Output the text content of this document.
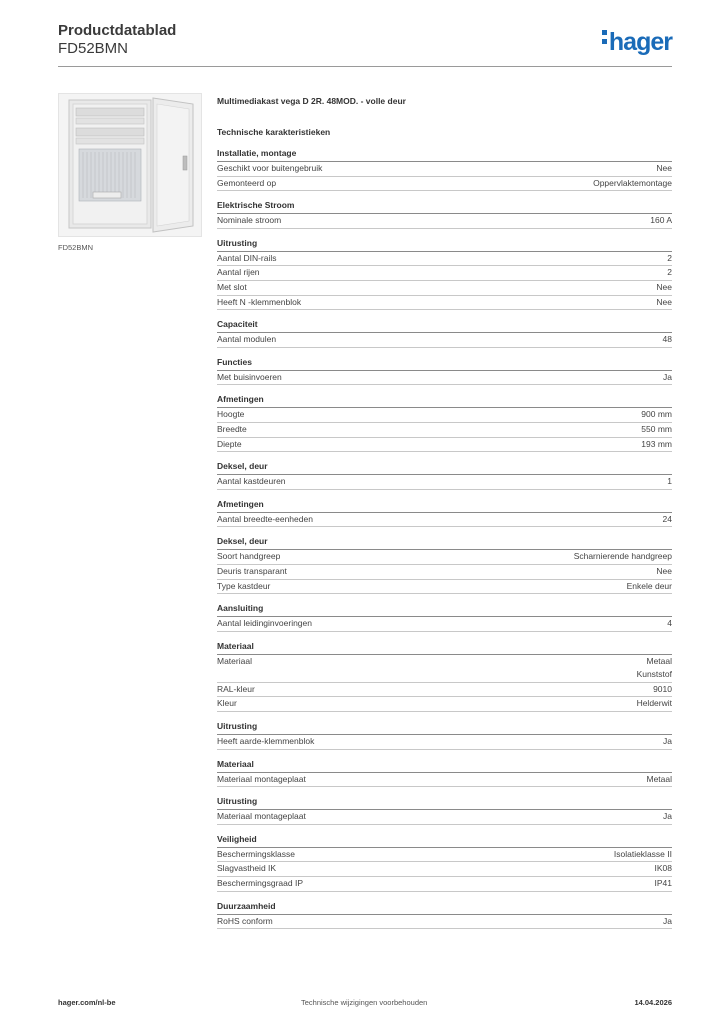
Productdatablad
FD52BMN	hager
FD52BMN
Multimediakast vega D 2R. 48MOD. - volle deur
Technische karakteristieken
Installatie, montage
Geschikt voor buitengebruik	Nee
Gemonteerd op	Oppervlaktemontage
Elektrische Stroom
Nominale stroom	160 A
Uitrusting
Aantal DIN-rails	2
Aantal rijen	2
Met slot	Nee
Heeft N -klemmenblok	Nee
Capaciteit
Aantal modulen	48
Functies
Met buisinvoeren	Ja
Afmetingen
Hoogte	900 mm
Breedte	550 mm
Diepte	193 mm
Deksel, deur
Aantal kastdeuren	1
Afmetingen
Aantal breedte-eenheden	24
Deksel, deur
Soort handgreep	Scharnierende handgreep
Deuris transparant	Nee
Type kastdeur	Enkele deur
Aansluiting
Aantal leidinginvoeringen	4
Materiaal
Materiaal	Metaal
Kunststof
RAL-kleur	9010
Kleur	Helderwit
Uitrusting
Heeft aarde-klemmenblok	Ja
Materiaal
Materiaal montageplaat	Metaal
Uitrusting
Materiaal montageplaat	Ja
Veiligheid
Beschermingsklasse	Isolatieklasse II
Slagvastheid IK	IK08
Beschermingsgraad IP	IP41
Duurzaamheid
RoHS conform	Ja
hager.com/nl-be	Technische wijzigingen voorbehouden	14.04.2026
